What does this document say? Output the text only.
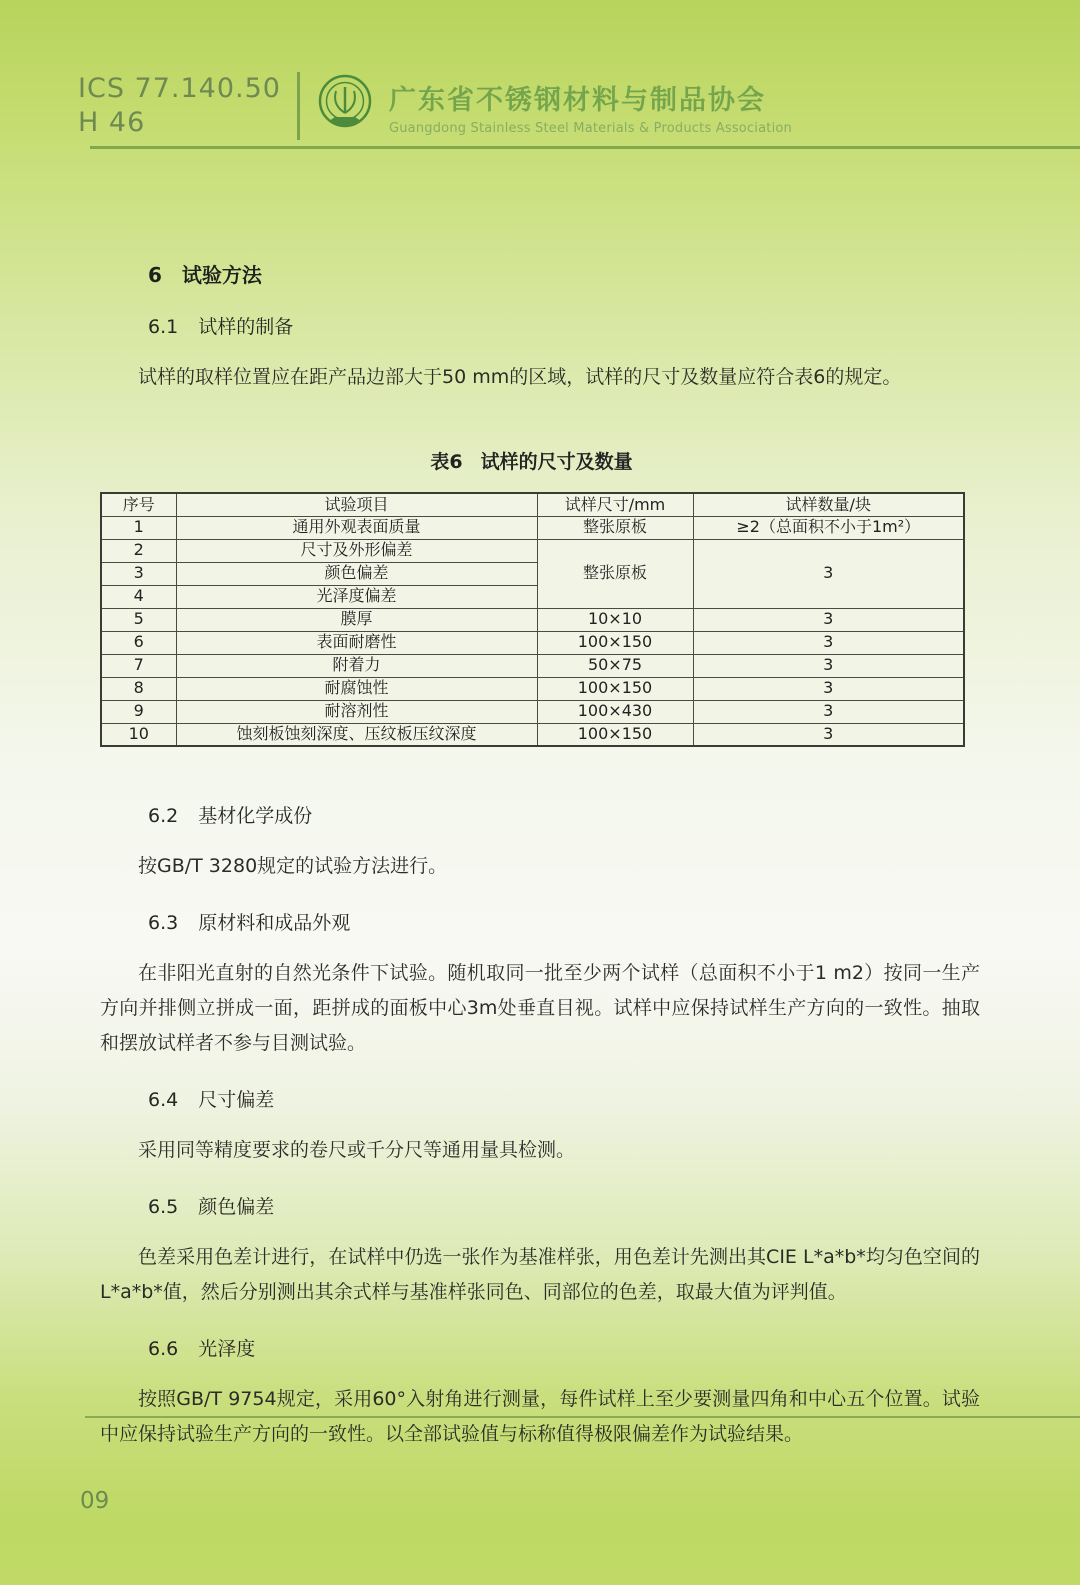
ICS 77.140.50
H 46
广东省不锈钢材料与制品协会
Guangdong Stainless Steel Materials & Products Association
6 试验方法
6.1 试样的制备

试样的取样位置应在距产品边部大于50 mm的区域，试样的尺寸及数量应符合表6的规定。

表6 试样的尺寸及数量
序号	试验项目	试样尺寸/mm	试样数量/块
1	通用外观表面质量	整张原板	≥2（总面积不小于1m²）
2	尺寸及外形偏差	整张原板	3
3	颜色偏差		
4	光泽度偏差		
5	膜厚	10×10	3
6	表面耐磨性	100×150	3
7	附着力	50×75	3
8	耐腐蚀性	100×150	3
9	耐溶剂性	100×430	3
10	蚀刻板蚀刻深度、压纹板压纹深度	100×150	3
6.2 基材化学成份

按GB/T 3280规定的试验方法进行。

6.3 原材料和成品外观

在非阳光直射的自然光条件下试验。随机取同一批至少两个试样（总面积不小于1 m2）按同一生产方向并排侧立拼成一面，距拼成的面板中心3m处垂直目视。试样中应保持试样生产方向的一致性。抽取和摆放试样者不参与目测试验。

6.4 尺寸偏差

采用同等精度要求的卷尺或千分尺等通用量具检测。

6.5 颜色偏差

色差采用色差计进行，在试样中仍选一张作为基准样张，用色差计先测出其CIE L*a*b*均匀色空间的L*a*b*值，然后分别测出其余式样与基准样张同色、同部位的色差，取最大值为评判值。

6.6 光泽度

按照GB/T 9754规定，采用60°入射角进行测量，每件试样上至少要测量四角和中心五个位置。试验中应保持试验生产方向的一致性。以全部试验值与标称值得极限偏差作为试验结果。

09
